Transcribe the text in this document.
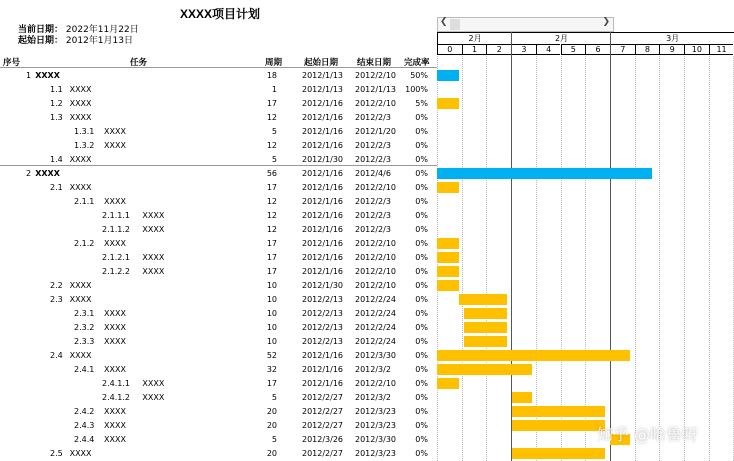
XXXX项目计划
当前日期： 2022年11月22日
起始日期： 2012年1月13日
❮	❯
2月	2月	3月
0	1	2	3	4	5	6	7	8	9	10	11
序号	任务	周期	起始日期 结束日期 完成率
1 XXXX	18	2012/1/13 2012/2/10 50%
1.1 XXXX	1	2012/1/13 2012/1/13 100%
1.2 XXXX	17	2012/1/16 2012/2/10 5%
1.3 XXXX	12	2012/1/16 2012/2/3	0%
1.3.1 XXXX	5	2012/1/16 2012/1/20 0%
1.3.2 XXXX	12	2012/1/16 2012/2/3	0%
1.4 XXXX	5	2012/1/30 2012/2/3	0%
2 XXXX	56	2012/1/16 2012/4/6	0%
2.1 XXXX	17	2012/1/16 2012/2/10 0%
2.1.1 XXXX	12	2012/1/16 2012/2/3	0%
2.1.1.1 XXXX	12	2012/1/16 2012/2/3	0%
2.1.1.2 XXXX	12	2012/1/16 2012/2/3	0%
2.1.2 XXXX	17	2012/1/16 2012/2/10 0%
2.1.2.1 XXXX	17	2012/1/16 2012/2/10 0%
2.1.2.2 XXXX	17	2012/1/16 2012/2/10 0%
2.2 XXXX	10	2012/1/30 2012/2/10 0%
2.3 XXXX	10	2012/2/13 2012/2/24 0%
2.3.1 XXXX	10	2012/2/13 2012/2/24 0%
2.3.2 XXXX	10	2012/2/13 2012/2/24 0%
2.3.3 XXXX	10	2012/2/13 2012/2/24 0%
2.4 XXXX	52	2012/1/16 2012/3/30 0%
2.4.1 XXXX	32	2012/1/16 2012/3/2	0%
2.4.1.1 XXXX	17	2012/1/16 2012/2/10 0%
2.4.1.2 XXXX	5	2012/2/27 2012/3/2	0%
2.4.2 XXXX	20	2012/2/27 2012/3/23 0%
2.4.3 XXXX	20	2012/2/27 2012/3/23 0%
2.4.4 XXXX	5	2012/3/26 2012/3/30 0%
2.5 XXXX	20	2012/2/27 2012/3/23 0%
知乎 @哈鲁呀
